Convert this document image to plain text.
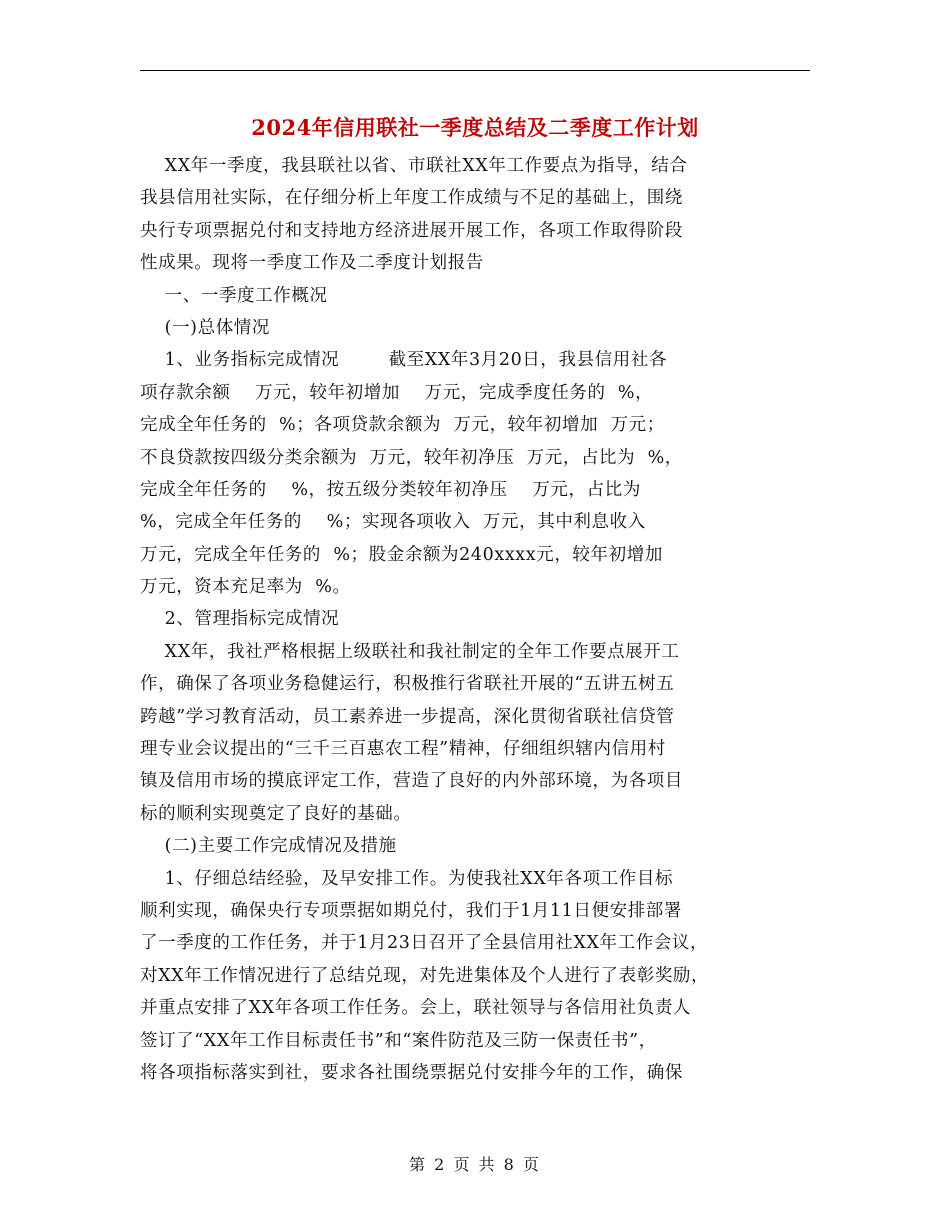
2024年信用联社一季度总结及二季度工作计划
XX年一季度，我县联社以省、市联社XX年工作要点为指导，结合
我县信用社实际，在仔细分析上年度工作成绩与不足的基础上，围绕
央行专项票据兑付和支持地方经济进展开展工作，各项工作取得阶段
性成果。现将一季度工作及二季度计划报告
一、一季度工作概况
(一)总体情况
1、业务指标完成情况        截至XX年3月20日，我县信用社各
项存款余额    万元，较年初增加    万元，完成季度任务的  %，
完成全年任务的  %；各项贷款余额为  万元，较年初增加  万元；
不良贷款按四级分类余额为  万元，较年初净压  万元，占比为  %，
完成全年任务的    %，按五级分类较年初净压    万元，占比为
%，完成全年任务的    %；实现各项收入  万元，其中利息收入
万元，完成全年任务的  %；股金余额为240xxxx元，较年初增加
万元，资本充足率为  %。
2、管理指标完成情况
XX年，我社严格根据上级联社和我社制定的全年工作要点展开工
作，确保了各项业务稳健运行，积极推行省联社开展的“五讲五树五
跨越”学习教育活动，员工素养进一步提高，深化贯彻省联社信贷管
理专业会议提出的“三千三百惠农工程”精神，仔细组织辖内信用村
镇及信用市场的摸底评定工作，营造了良好的内外部环境，为各项目
标的顺利实现奠定了良好的基础。
(二)主要工作完成情况及措施
1、仔细总结经验，及早安排工作。为使我社XX年各项工作目标
顺利实现，确保央行专项票据如期兑付，我们于1月11日便安排部署
了一季度的工作任务，并于1月23日召开了全县信用社XX年工作会议，
对XX年工作情况进行了总结兑现，对先进集体及个人进行了表彰奖励，
并重点安排了XX年各项工作任务。会上，联社领导与各信用社负责人
签订了“XX年工作目标责任书”和“案件防范及三防一保责任书”，
将各项指标落实到社，要求各社围绕票据兑付安排今年的工作，确保
第 2 页 共 8 页
